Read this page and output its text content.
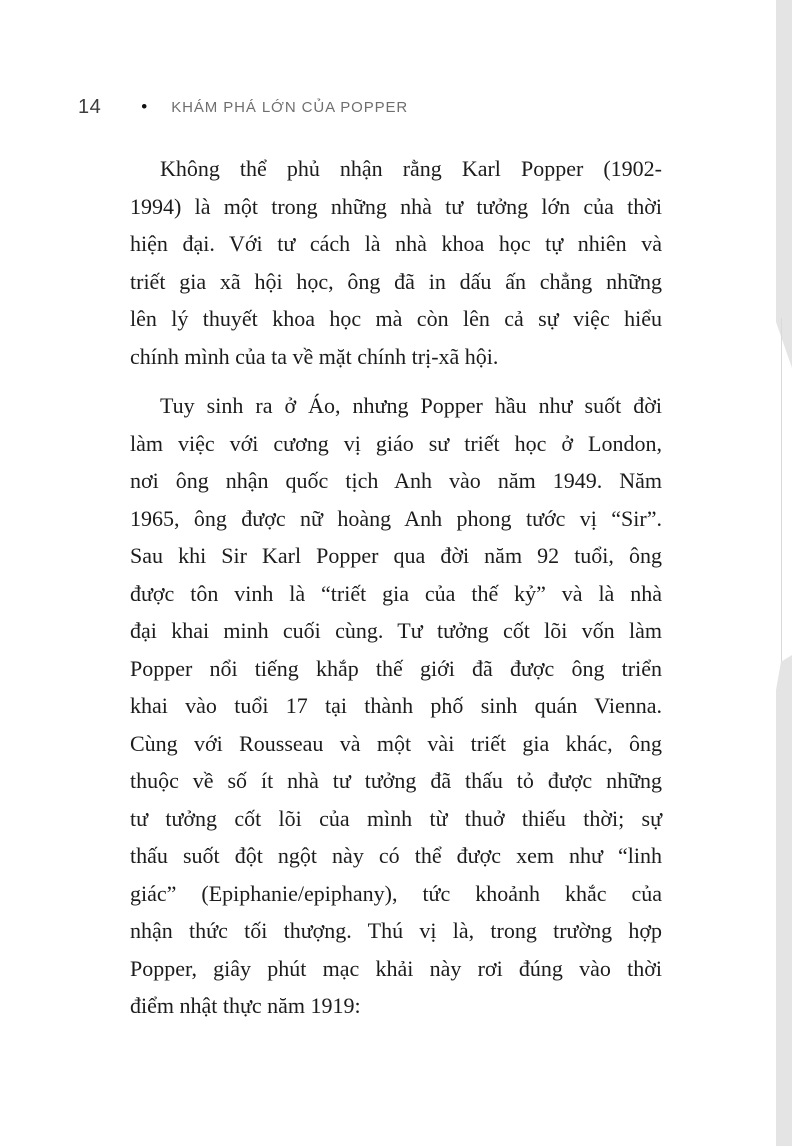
14 • KHÁM PHÁ LỚN CỦA POPPER
Không thể phủ nhận rằng Karl Popper (1902-
1994) là một trong những nhà tư tưởng lớn của thời
hiện đại. Với tư cách là nhà khoa học tự nhiên và
triết gia xã hội học, ông đã in dấu ấn chẳng những
lên lý thuyết khoa học mà còn lên cả sự việc hiểu
chính mình của ta về mặt chính trị-xã hội.
Tuy sinh ra ở Áo, nhưng Popper hầu như suốt đời
làm việc với cương vị giáo sư triết học ở London,
nơi ông nhận quốc tịch Anh vào năm 1949. Năm
1965, ông được nữ hoàng Anh phong tước vị “Sir”.
Sau khi Sir Karl Popper qua đời năm 92 tuổi, ông
được tôn vinh là “triết gia của thế kỷ” và là nhà
đại khai minh cuối cùng. Tư tưởng cốt lõi vốn làm
Popper nổi tiếng khắp thế giới đã được ông triển
khai vào tuổi 17 tại thành phố sinh quán Vienna.
Cùng với Rousseau và một vài triết gia khác, ông
thuộc về số ít nhà tư tưởng đã thấu tỏ được những
tư tưởng cốt lõi của mình từ thuở thiếu thời; sự
thấu suốt đột ngột này có thể được xem như “linh
giác” (Epiphanie/epiphany), tức khoảnh khắc của
nhận thức tối thượng. Thú vị là, trong trường hợp
Popper, giây phút mạc khải này rơi đúng vào thời
điểm nhật thực năm 1919:
